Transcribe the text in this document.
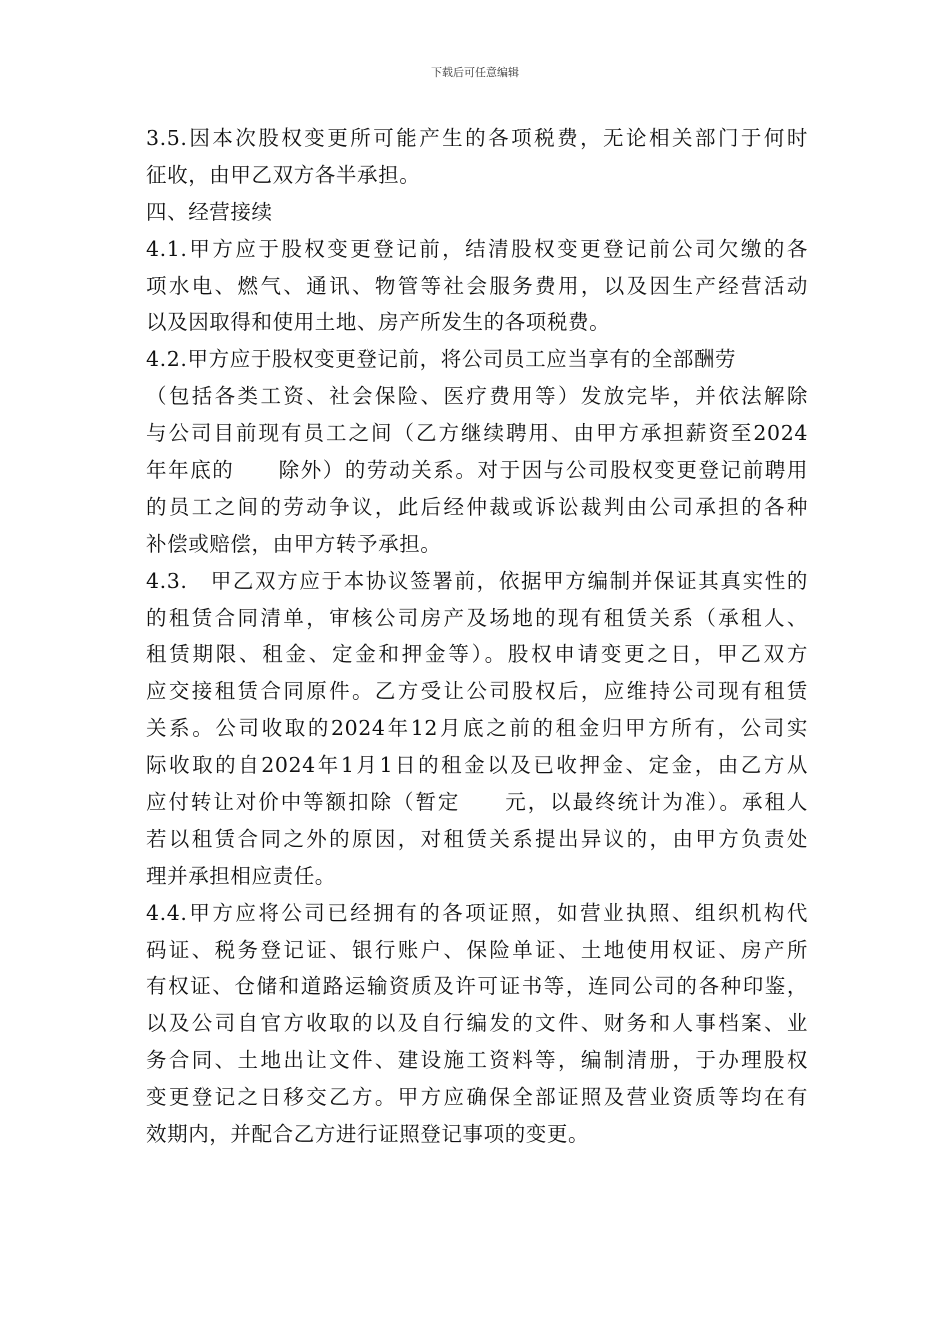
下载后可任意编辑
3.5.因本次股权变更所可能产生的各项税费，无论相关部门于何时
征收，由甲乙双方各半承担。
四、经营接续
4.1.甲方应于股权变更登记前，结清股权变更登记前公司欠缴的各
项水电、燃气、通讯、物管等社会服务费用，以及因生产经营活动
以及因取得和使用土地、房产所发生的各项税费。
4.2.甲方应于股权变更登记前，将公司员工应当享有的全部酬劳
（包括各类工资、社会保险、医疗费用等）发放完毕，并依法解除
与公司目前现有员工之间（乙方继续聘用、由甲方承担薪资至2024
年年底的　　除外）的劳动关系。对于因与公司股权变更登记前聘用
的员工之间的劳动争议，此后经仲裁或诉讼裁判由公司承担的各种
补偿或赔偿，由甲方转予承担。
4.3.　甲乙双方应于本协议签署前，依据甲方编制并保证其真实性的
的租赁合同清单，审核公司房产及场地的现有租赁关系（承租人、
租赁期限、租金、定金和押金等）。股权申请变更之日，甲乙双方
应交接租赁合同原件。乙方受让公司股权后，应维持公司现有租赁
关系。公司收取的2024年12月底之前的租金归甲方所有，公司实
际收取的自2024年1月1日的租金以及已收押金、定金，由乙方从
应付转让对价中等额扣除（暂定　　元，以最终统计为准）。承租人
若以租赁合同之外的原因，对租赁关系提出异议的，由甲方负责处
理并承担相应责任。
4.4.甲方应将公司已经拥有的各项证照，如营业执照、组织机构代
码证、税务登记证、银行账户、保险单证、土地使用权证、房产所
有权证、仓储和道路运输资质及许可证书等，连同公司的各种印鉴，
以及公司自官方收取的以及自行编发的文件、财务和人事档案、业
务合同、土地出让文件、建设施工资料等，编制清册，于办理股权
变更登记之日移交乙方。甲方应确保全部证照及营业资质等均在有
效期内，并配合乙方进行证照登记事项的变更。
